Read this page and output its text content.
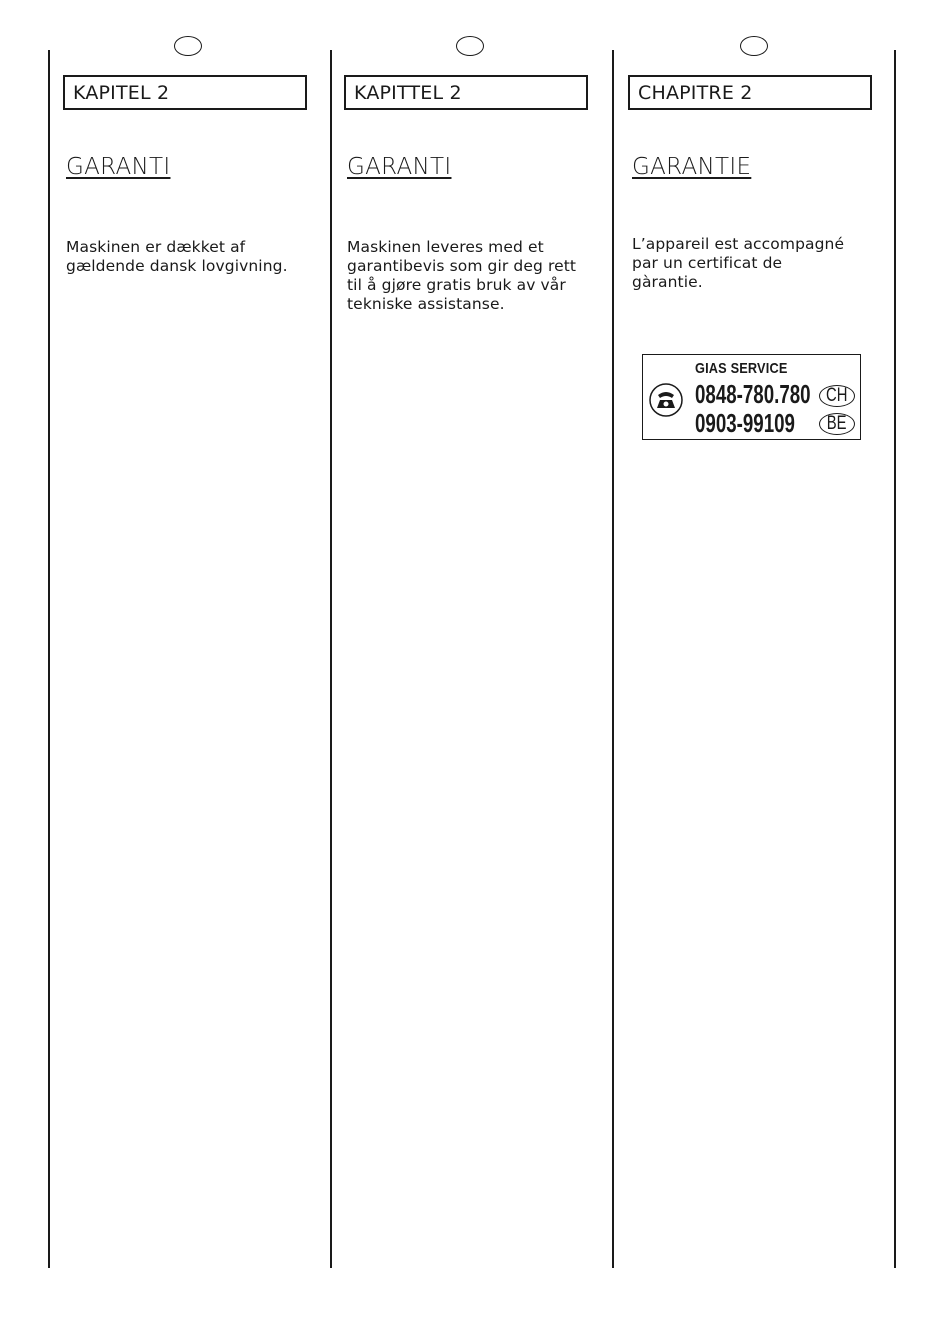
KAPITEL 2
GARANTI
Maskinen er dækket af
gældende dansk lovgivning.
KAPITTEL 2
GARANTI
Maskinen leveres med et
garantibevis som gir deg rett
til å gjøre gratis bruk av vår
tekniske assistanse.
CHAPITRE 2
GARANTIE
L’appareil est accompagné
par un certificat de
gàrantie.
GIAS SERVICE
0848-780.780 CH
0903-99109 BE
